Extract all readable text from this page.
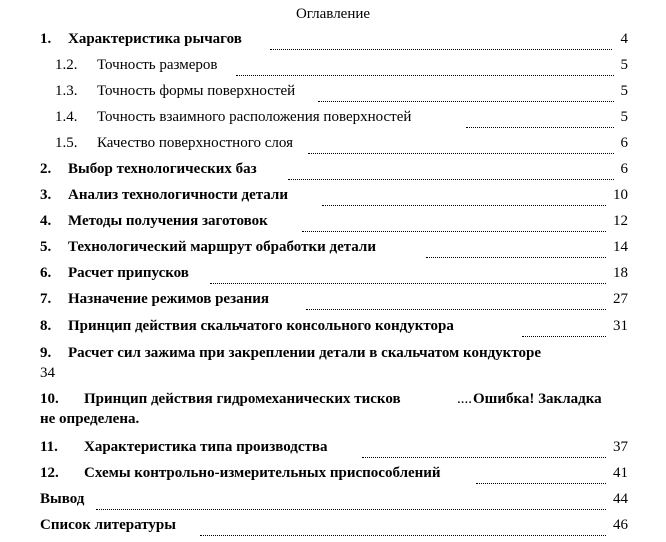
Оглавление
1. Характеристика рычагов	4
1.2. Точность размеров	5
1.3. Точность формы поверхностей	5
1.4. Точность взаимного расположения поверхностей	5
1.5. Качество поверхностного слоя	6
2. Выбор технологических баз	6
3. Анализ технологичности детали	10
4. Методы получения заготовок	12
5. Технологический маршрут обработки детали	14
6. Расчет припусков	18
7. Назначение режимов резания	27
8. Принцип действия скальчатого консольного кондуктора	31
9. Расчет сил зажима при закреплении детали в скальчатом кондукторе
34
10. Принцип действия гидромеханических тисков	.... Ошибка! Закладка
не определена.
11. Характеристика типа производства	37
12. Схемы контрольно-измерительных приспособлений	41
Вывод	44
Список литературы	46
